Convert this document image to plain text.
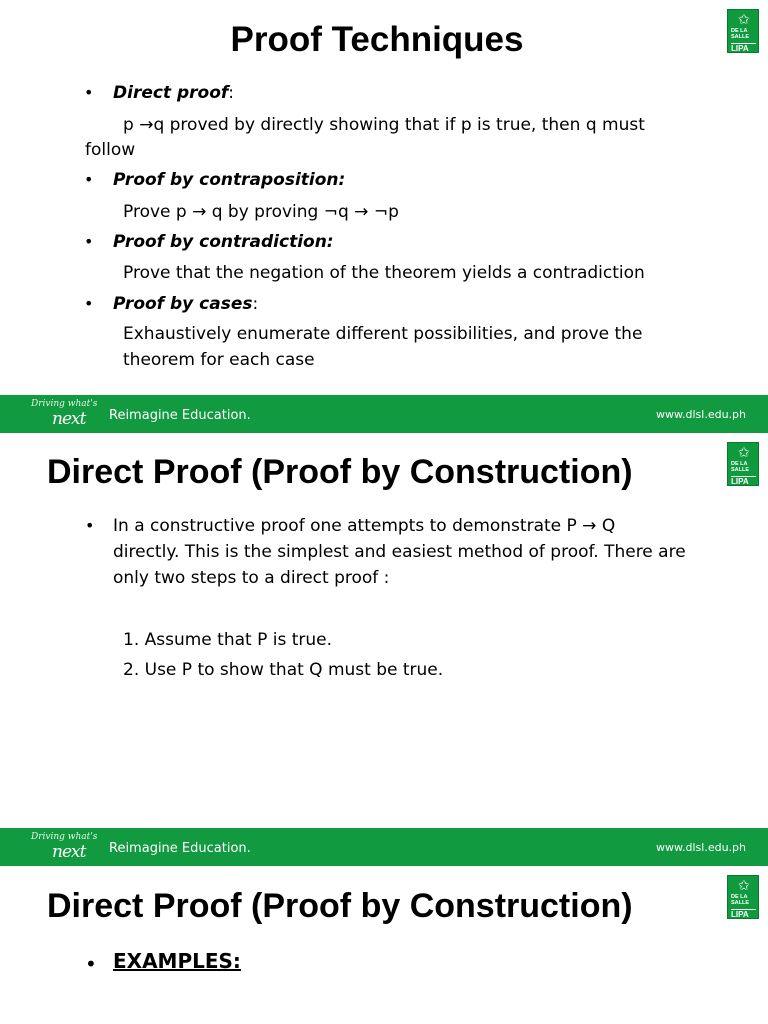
Proof Techniques
✩
DE LA
SALLE
LIPA
• Direct proof:
p →q proved by directly showing that if p is true, then q must
follow
• Proof by contraposition:
Prove p → q by proving ¬q → ¬p
• Proof by contradiction:
Prove that the negation of the theorem yields a contradiction
• Proof by cases:
Exhaustively enumerate different possibilities, and prove the
theorem for each case
Driving what's
next Reimagine Education.	www.dlsl.edu.ph
Direct Proof (Proof by Construction)
✩
DE LA
SALLE
LIPA
• In a constructive proof one attempts to demonstrate P → Q
directly. This is the simplest and easiest method of proof. There are
only two steps to a direct proof :
1. Assume that P is true.
2. Use P to show that Q must be true.
Driving what's
next Reimagine Education.	www.dlsl.edu.ph
Direct Proof (Proof by Construction)
✩
DE LA
SALLE
LIPA
• EXAMPLES:
